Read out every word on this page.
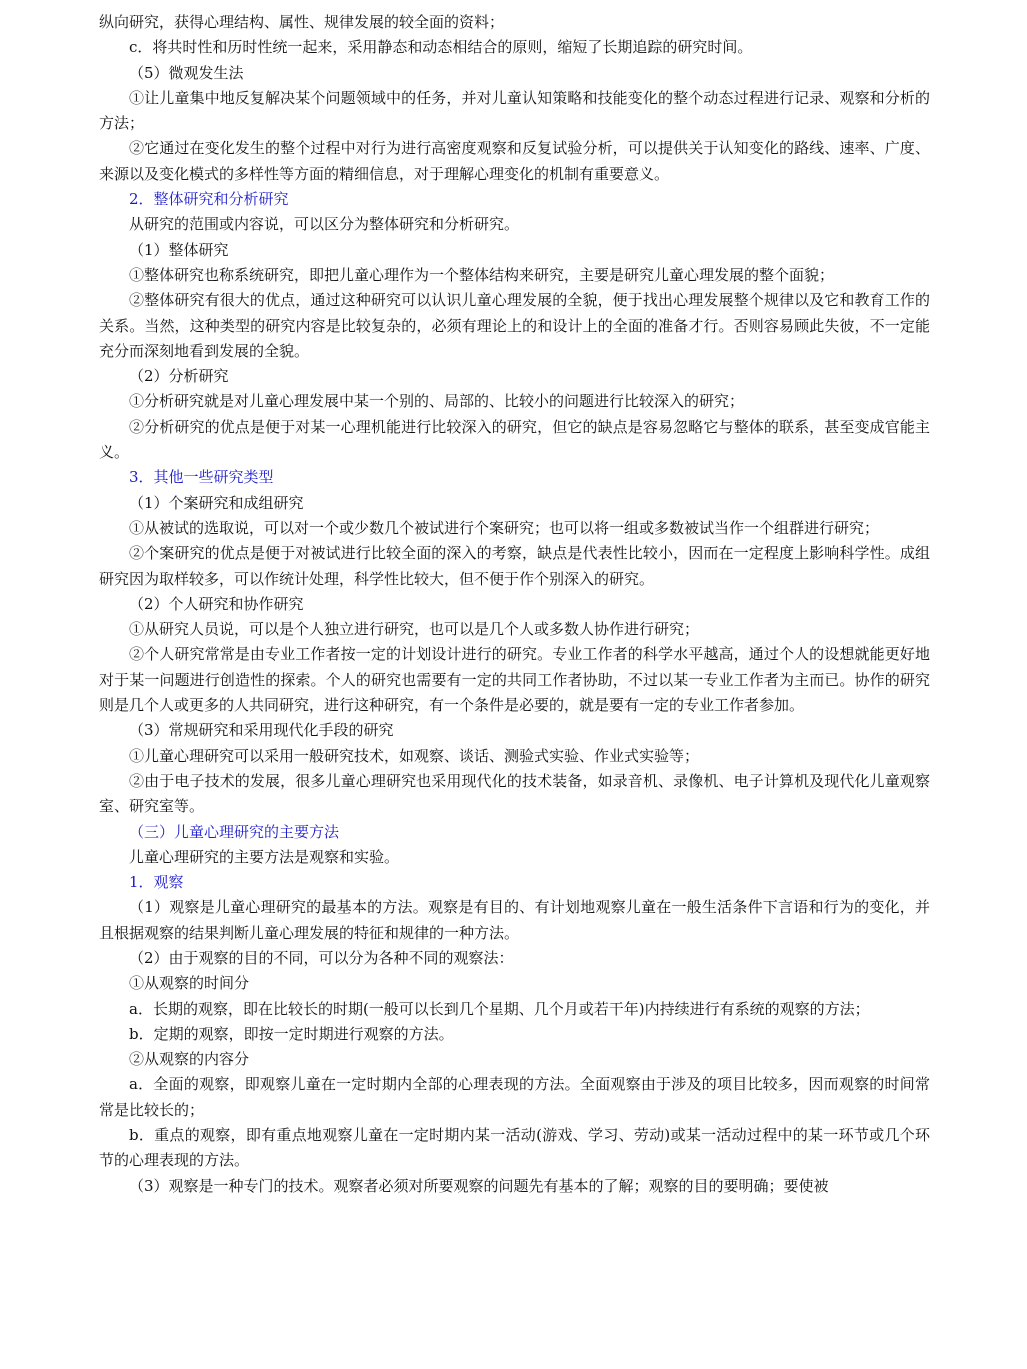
纵向研究，获得心理结构、属性、规律发展的较全面的资料；

c．将共时性和历时性统一起来，采用静态和动态相结合的原则，缩短了长期追踪的研究时间。

（5）微观发生法

①让儿童集中地反复解决某个问题领域中的任务，并对儿童认知策略和技能变化的整个动态过程进行记录、观察和分析的方法；

②它通过在变化发生的整个过程中对行为进行高密度观察和反复试验分析，可以提供关于认知变化的路线、速率、广度、来源以及变化模式的多样性等方面的精细信息，对于理解心理变化的机制有重要意义。

2．整体研究和分析研究

从研究的范围或内容说，可以区分为整体研究和分析研究。

（1）整体研究

①整体研究也称系统研究，即把儿童心理作为一个整体结构来研究，主要是研究儿童心理发展的整个面貌；

②整体研究有很大的优点，通过这种研究可以认识儿童心理发展的全貌，便于找出心理发展整个规律以及它和教育工作的关系。当然，这种类型的研究内容是比较复杂的，必须有理论上的和设计上的全面的准备才行。否则容易顾此失彼，不一定能充分而深刻地看到发展的全貌。

（2）分析研究

①分析研究就是对儿童心理发展中某一个别的、局部的、比较小的问题进行比较深入的研究；

②分析研究的优点是便于对某一心理机能进行比较深入的研究，但它的缺点是容易忽略它与整体的联系，甚至变成官能主义。

3．其他一些研究类型

（1）个案研究和成组研究

①从被试的选取说，可以对一个或少数几个被试进行个案研究；也可以将一组或多数被试当作一个组群进行研究；

②个案研究的优点是便于对被试进行比较全面的深入的考察，缺点是代表性比较小，因而在一定程度上影响科学性。成组研究因为取样较多，可以作统计处理，科学性比较大，但不便于作个别深入的研究。

（2）个人研究和协作研究

①从研究人员说，可以是个人独立进行研究，也可以是几个人或多数人协作进行研究；

②个人研究常常是由专业工作者按一定的计划设计进行的研究。专业工作者的科学水平越高，通过个人的设想就能更好地对于某一问题进行创造性的探索。个人的研究也需要有一定的共同工作者协助，不过以某一专业工作者为主而已。协作的研究则是几个人或更多的人共同研究，进行这种研究，有一个条件是必要的，就是要有一定的专业工作者参加。

（3）常规研究和采用现代化手段的研究

①儿童心理研究可以采用一般研究技术，如观察、谈话、测验式实验、作业式实验等；

②由于电子技术的发展，很多儿童心理研究也采用现代化的技术装备，如录音机、录像机、电子计算机及现代化儿童观察室、研究室等。

（三）儿童心理研究的主要方法

儿童心理研究的主要方法是观察和实验。

1．观察

（1）观察是儿童心理研究的最基本的方法。观察是有目的、有计划地观察儿童在一般生活条件下言语和行为的变化，并且根据观察的结果判断儿童心理发展的特征和规律的一种方法。

（2）由于观察的目的不同，可以分为各种不同的观察法：

①从观察的时间分

a．长期的观察，即在比较长的时期(一般可以长到几个星期、几个月或若干年)内持续进行有系统的观察的方法；

b．定期的观察，即按一定时期进行观察的方法。

②从观察的内容分

a．全面的观察，即观察儿童在一定时期内全部的心理表现的方法。全面观察由于涉及的项目比较多，因而观察的时间常常是比较长的；

b．重点的观察，即有重点地观察儿童在一定时期内某一活动(游戏、学习、劳动)或某一活动过程中的某一环节或几个环节的心理表现的方法。

（3）观察是一种专门的技术。观察者必须对所要观察的问题先有基本的了解；观察的目的要明确；要使被
